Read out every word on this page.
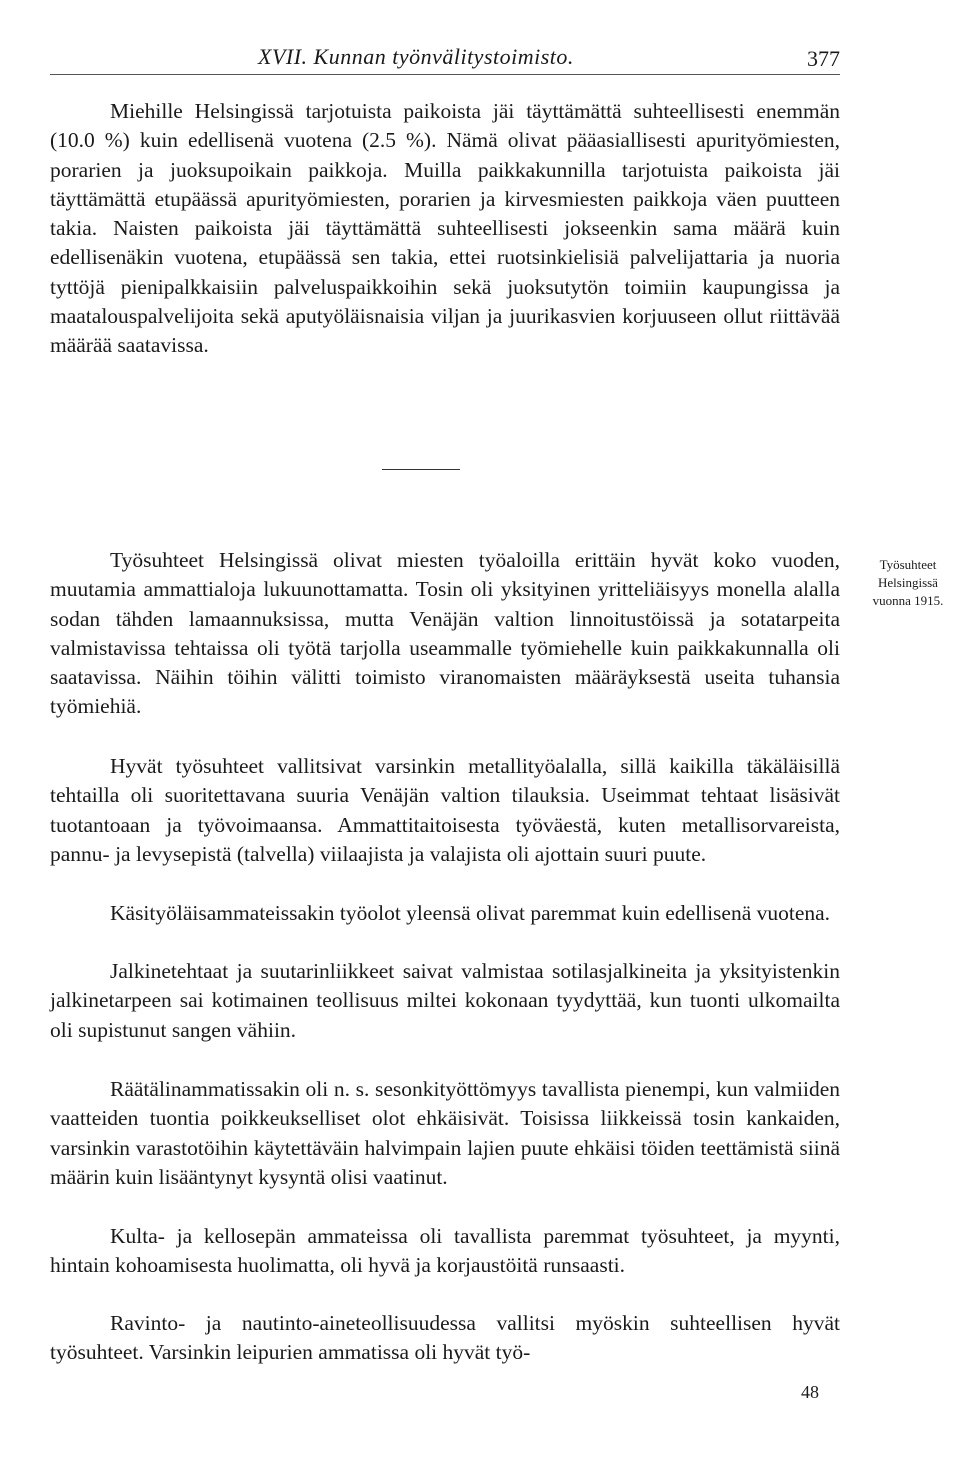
XVII. Kunnan työnvälitystoimisto.	377

Miehille Helsingissä tarjotuista paikoista jäi täyttämättä suhteellisesti enemmän (10.0 %) kuin edellisenä vuotena (2.5 %). Nämä olivat pääasiallisesti apurityömiesten, porarien ja juoksupoikain paikkoja. Muilla paikkakunnilla tarjotuista paikoista jäi täyttämättä etupäässä apurityömiesten, porarien ja kirvesmiesten paikkoja väen puutteen takia. Naisten paikoista jäi täyttämättä suhteellisesti jokseenkin sama määrä kuin edellisenäkin vuotena, etupäässä sen takia, ettei ruotsinkielisiä palvelijattaria ja nuoria tyttöjä pienipalkkaisiin palveluspaikkoihin sekä juoksutytön toimiin kaupungissa ja maatalouspalvelijoita sekä aputyöläisnaisia viljan ja juurikasvien korjuuseen ollut riittävää määrää saatavissa.

Työsuhteet Helsingissä olivat miesten työaloilla erittäin hyvät koko vuoden, muutamia ammattialoja lukuunottamatta. Tosin oli yksityinen yritteliäisyys monella alalla sodan tähden lamaannuksissa, mutta Venäjän valtion linnoitustöissä ja sotatarpeita valmistavissa tehtaissa oli työtä tarjolla useammalle työmiehelle kuin paikkakunnalla oli saatavissa. Näihin töihin välitti toimisto viranomaisten määräyksestä useita tuhansia työmiehiä.

Hyvät työsuhteet vallitsivat varsinkin metallityöalalla, sillä kaikilla täkäläisillä tehtailla oli suoritettavana suuria Venäjän valtion tilauksia. Useimmat tehtaat lisäsivät tuotantoaan ja työvoimaansa. Ammattitaitoisesta työväestä, kuten metallisorvareista, pannu- ja levysepistä (talvella) viilaajista ja valajista oli ajottain suuri puute.

Käsityöläisammateissakin työolot yleensä olivat paremmat kuin edellisenä vuotena.

Jalkinetehtaat ja suutarinliikkeet saivat valmistaa sotilasjalkineita ja yksityistenkin jalkinetarpeen sai kotimainen teollisuus miltei kokonaan tyydyttää, kun tuonti ulkomailta oli supistunut sangen vähiin.

Räätälinammatissakin oli n. s. sesonkityöttömyys tavallista pienempi, kun valmiiden vaatteiden tuontia poikkeukselliset olot ehkäisivät. Toisissa liikkeissä tosin kankaiden, varsinkin varastotöihin käytettäväin halvimpain lajien puute ehkäisi töiden teettämistä siinä määrin kuin lisääntynyt kysyntä olisi vaatinut.

Kulta- ja kellosepän ammateissa oli tavallista paremmat työsuhteet, ja myynti, hintain kohoamisesta huolimatta, oli hyvä ja korjaustöitä runsaasti.

Ravinto- ja nautinto-aineteollisuudessa vallitsi myöskin suhteellisen hyvät työsuhteet. Varsinkin leipurien ammatissa oli hyvät työ-

Työsuhteet
Helsingissä
vuonna 1915.
48
